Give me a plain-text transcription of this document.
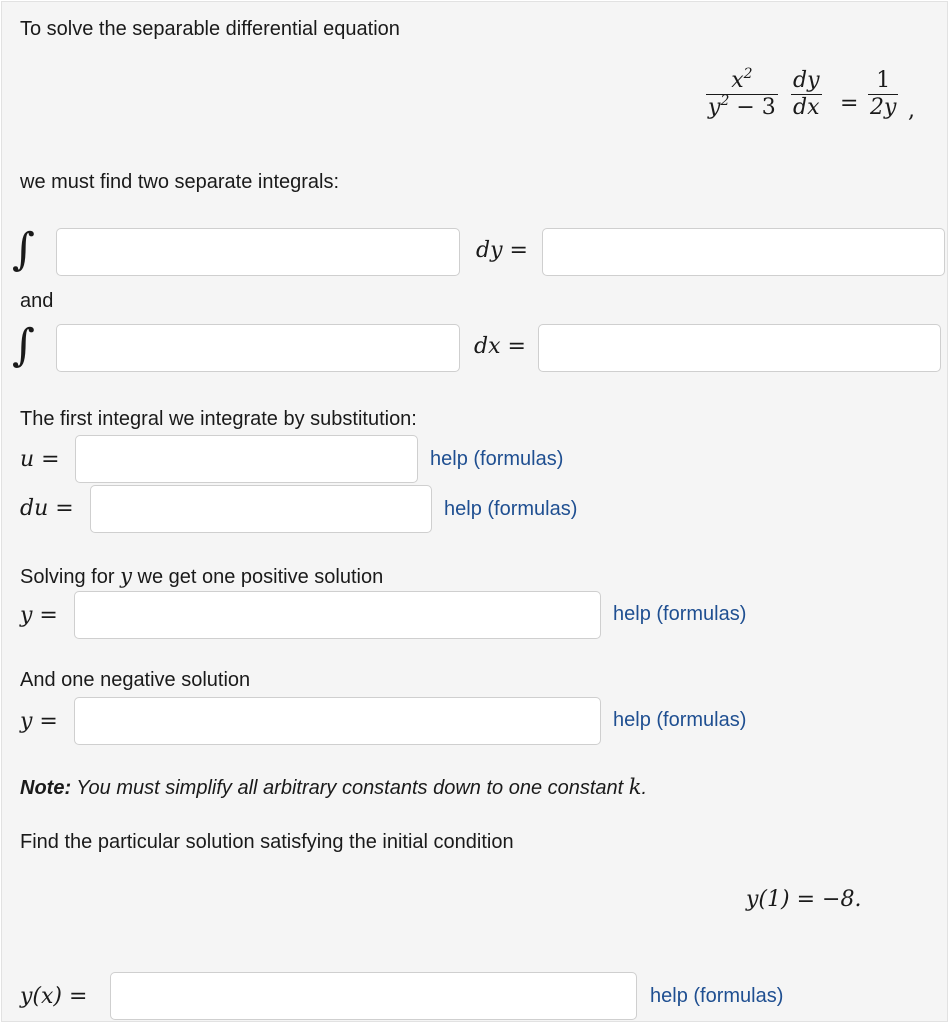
To solve the separable differential equation
$x^2$
$y^2 - 3$
dy
dx =
1
2y ,
we must find two separate integrals:
∫	dy =
and
∫	dx =
The first integral we integrate by substitution:
u =	help (formulas)
du =	help (formulas)
Solving for y we get one positive solution
y =	help (formulas)
And one negative solution
y =	help (formulas)
Note: You must simplify all arbitrary constants down to one constant k.
Find the particular solution satisfying the initial condition
y(1) = −8.
y(x) =	help (formulas)
